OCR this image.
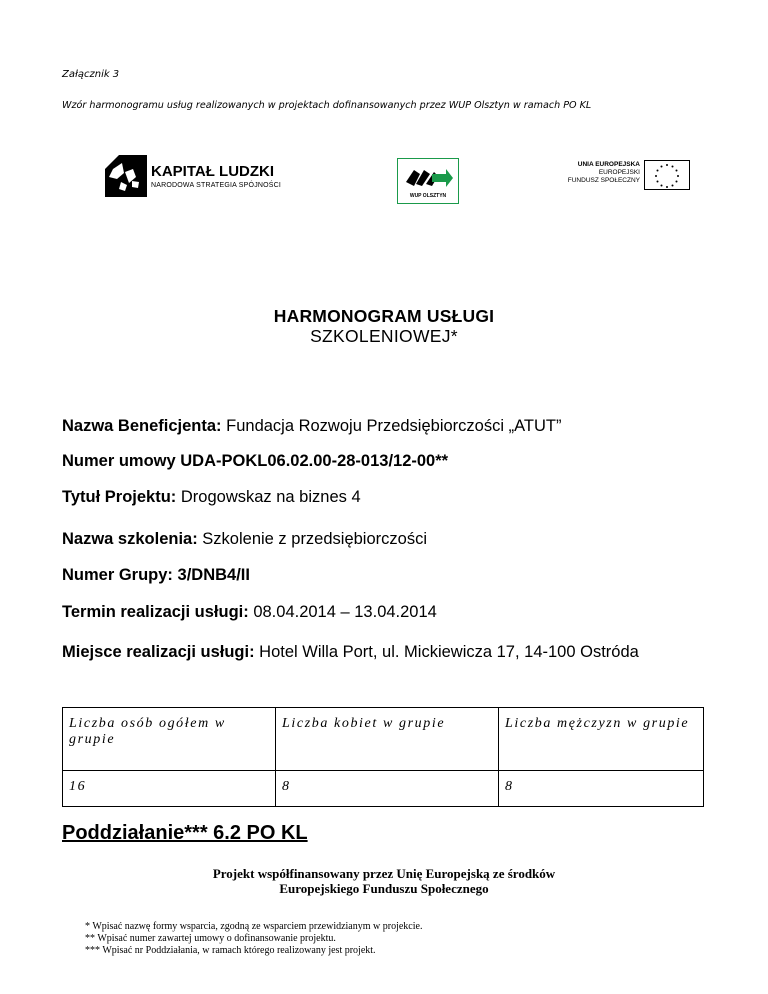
Załącznik 3
Wzór harmonogramu usług realizowanych w projektach dofinansowanych przez WUP Olsztyn w ramach PO KL
KAPITAŁ LUDZKI
NARODOWA STRATEGIA SPÓJNOŚCI
WUP OLSZTYN
UNIA EUROPEJSKA
EUROPEJSKI
FUNDUSZ SPOŁECZNY
HARMONOGRAM USŁUGI
SZKOLENIOWEJ*
Nazwa Beneficjenta: Fundacja Rozwoju Przedsiębiorczości „ATUT”
Numer umowy UDA-POKL06.02.00-28-013/12-00**
Tytuł Projektu: Drogowskaz na biznes 4
Nazwa szkolenia: Szkolenie z przedsiębiorczości
Numer Grupy: 3/DNB4/II
Termin realizacji usługi: 08.04.2014 – 13.04.2014
Miejsce realizacji usługi: Hotel Willa Port, ul. Mickiewicza 17, 14-100 Ostróda
Liczba osób ogółem w grupie	Liczba kobiet w grupie	Liczba mężczyzn w grupie
16	8	8
Poddziałanie*** 6.2 PO KL
Projekt współfinansowany przez Unię Europejską ze środków
Europejskiego Funduszu Społecznego
* Wpisać nazwę formy wsparcia, zgodną ze wsparciem przewidzianym w projekcie.
** Wpisać numer zawartej umowy o dofinansowanie projektu.
*** Wpisać nr Poddziałania, w ramach którego realizowany jest projekt.
